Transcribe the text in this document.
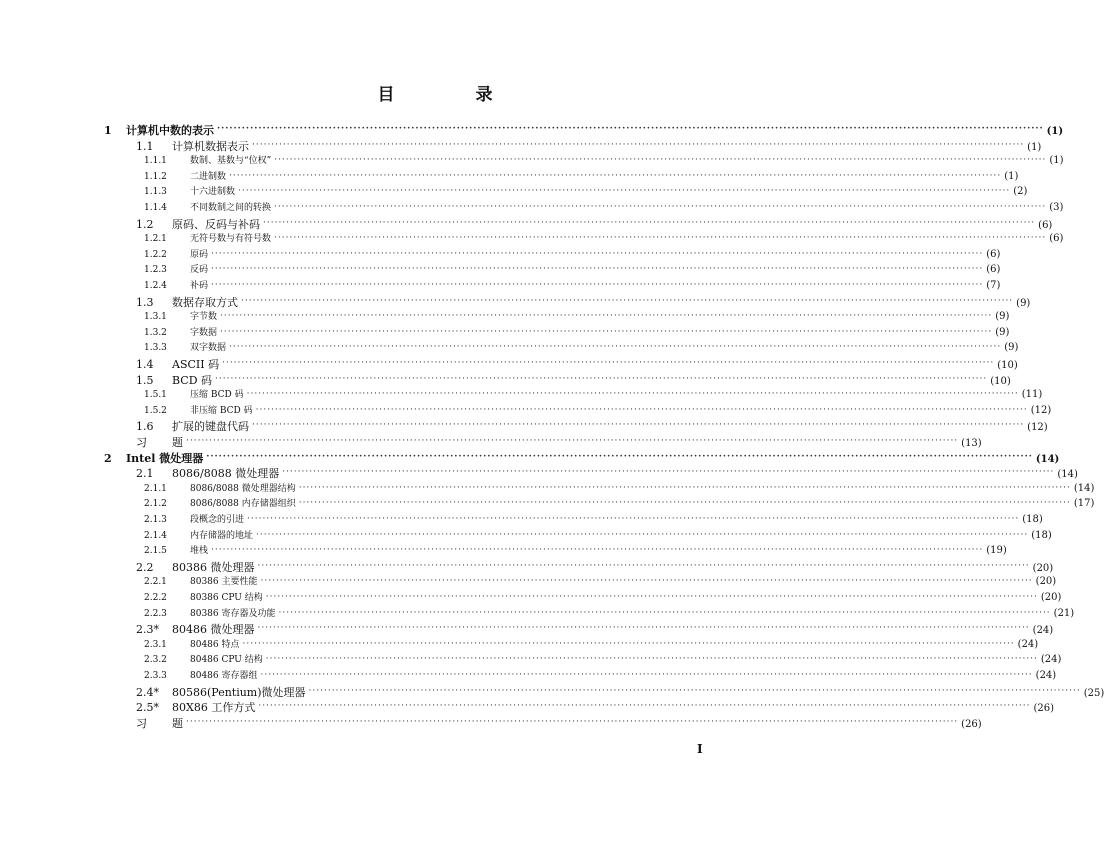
目　录
1	计算机中数的表示 ········································································································································································································ (1)
1.1	计算机数据表示 ········································································································································································································ (1)
1.1.1	数制、基数与“位权” ········································································································································································································ (1)
1.1.2	二进制数 ········································································································································································································ (1)
1.1.3	十六进制数 ········································································································································································································ (2)
1.1.4	不同数制之间的转换 ········································································································································································································ (3)
1.2	原码、反码与补码 ········································································································································································································ (6)
1.2.1	无符号数与有符号数 ········································································································································································································ (6)
1.2.2	原码 ········································································································································································································ (6)
1.2.3	反码 ········································································································································································································ (6)
1.2.4	补码 ········································································································································································································ (7)
1.3	数据存取方式 ········································································································································································································ (9)
1.3.1	字节数 ········································································································································································································ (9)
1.3.2	字数据 ········································································································································································································ (9)
1.3.3	双字数据 ········································································································································································································ (9)
1.4	ASCII 码 ········································································································································································································ (10)
1.5	BCD 码 ········································································································································································································ (10)
1.5.1	压缩 BCD 码 ········································································································································································································ (11)
1.5.2	非压缩 BCD 码 ········································································································································································································ (12)
1.6	扩展的键盘代码 ········································································································································································································ (12)
习	题 ········································································································································································································ (13)
2	Intel 微处理器 ········································································································································································································ (14)
2.1	8086/8088 微处理器 ········································································································································································································ (14)
2.1.1	8086/8088 微处理器结构 ········································································································································································································ (14)
2.1.2	8086/8088 内存储器组织 ········································································································································································································ (17)
2.1.3	段概念的引进 ········································································································································································································ (18)
2.1.4	内存储器的地址 ········································································································································································································ (18)
2.1.5	堆栈 ········································································································································································································ (19)
2.2	80386 微处理器 ········································································································································································································ (20)
2.2.1	80386 主要性能 ········································································································································································································ (20)
2.2.2	80386 CPU 结构 ········································································································································································································ (20)
2.2.3	80386 寄存器及功能 ········································································································································································································ (21)
2.3*	80486 微处理器 ········································································································································································································ (24)
2.3.1	80486 特点 ········································································································································································································ (24)
2.3.2	80486 CPU 结构 ········································································································································································································ (24)
2.3.3	80486 寄存器组 ········································································································································································································ (24)
2.4*	80586(Pentium)微处理器 ········································································································································································································ (25)
2.5*	80X86 工作方式 ········································································································································································································ (26)
习	题 ········································································································································································································ (26)
I
